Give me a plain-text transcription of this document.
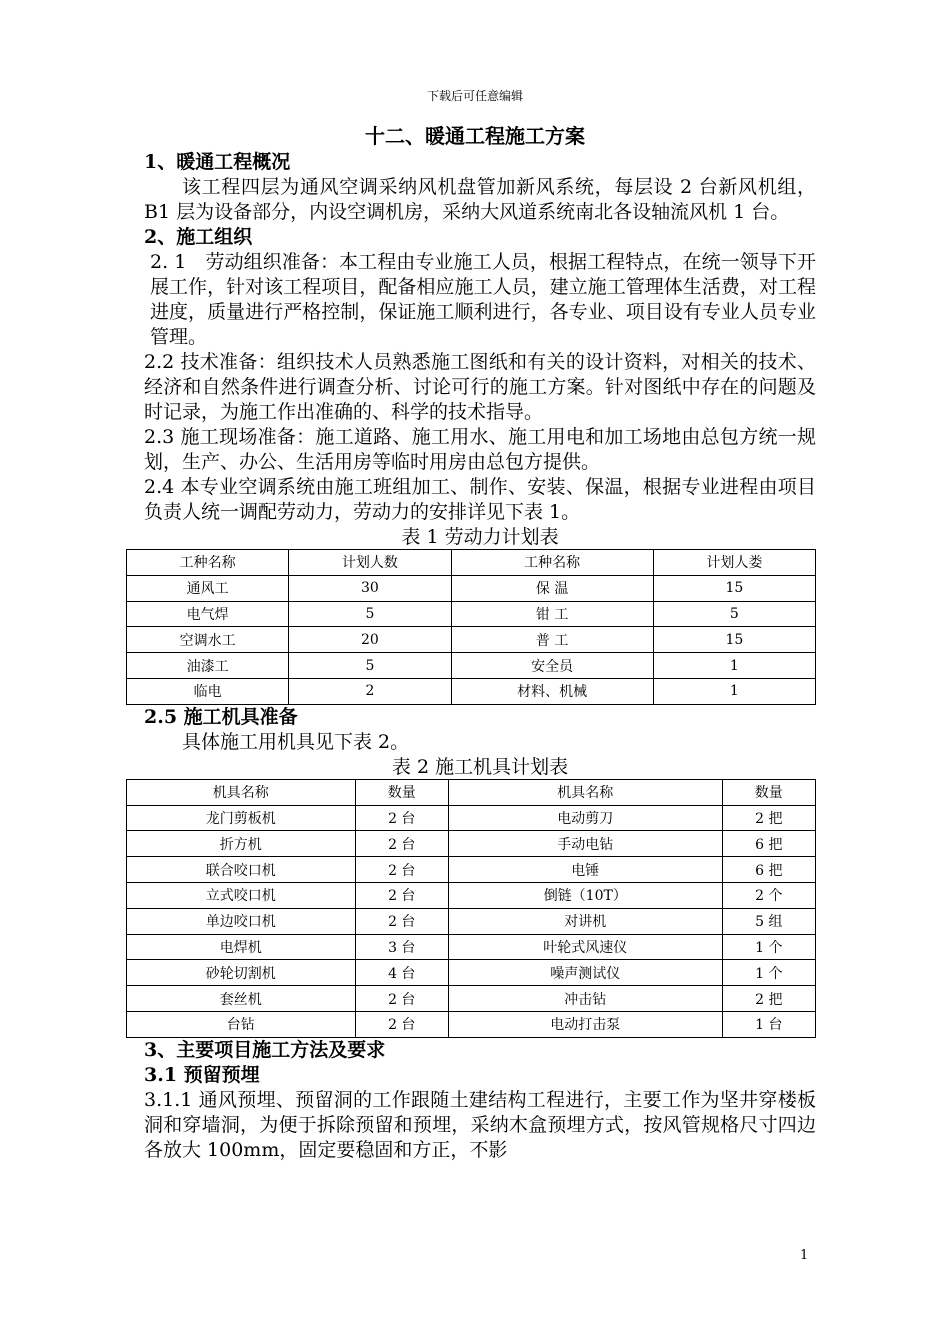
下载后可任意编辑
十二、暖通工程施工方案
1、暖通工程概况
该工程四层为通风空调采纳风机盘管加新风系统，每层设 2 台新风机组，B1 层为设备部分，内设空调机房，采纳大风道系统南北各设轴流风机 1 台。
2、施工组织
2. 1　劳动组织准备：本工程由专业施工人员，根据工程特点，在统一领导下开展工作，针对该工程项目，配备相应施工人员，建立施工管理体生活费，对工程进度，质量进行严格控制，保证施工顺利进行，各专业、项目设有专业人员专业管理。
2.2 技术准备：组织技术人员熟悉施工图纸和有关的设计资料，对相关的技术、经济和自然条件进行调查分析、讨论可行的施工方案。针对图纸中存在的问题及时记录，为施工作出准确的、科学的技术指导。
2.3 施工现场准备：施工道路、施工用水、施工用电和加工场地由总包方统一规划，生产、办公、生活用房等临时用房由总包方提供。
2.4 本专业空调系统由施工班组加工、制作、安装、保温，根据专业进程由项目负责人统一调配劳动力，劳动力的安排详见下表 1。
表 1 劳动力计划表
工种名称	计划人数	工种名称	计划人娄
通风工	30	保 温	15
电气焊	5	钳 工	5
空调水工	20	普 工	15
油漆工	5	安全员	1
临电	2	材料、机械	1
2.5 施工机具准备
具体施工用机具见下表 2。
表 2 施工机具计划表
机具名称	数量	机具名称	数量
龙门剪板机	2 台	电动剪刀	2 把
折方机	2 台	手动电钻	6 把
联合咬口机	2 台	电锤	6 把
立式咬口机	2 台	倒链（10T）	2 个
单边咬口机	2 台	对讲机	5 组
电焊机	3 台	叶轮式风速仪	1 个
砂轮切割机	4 台	噪声测试仪	1 个
套丝机	2 台	冲击钻	2 把
台钻	2 台	电动打击泵	1 台
3、主要项目施工方法及要求
3.1 预留预埋
3.1.1 通风预埋、预留洞的工作跟随土建结构工程进行，主要工作为坚井穿楼板洞和穿墙洞，为便于拆除预留和预埋，采纳木盒预埋方式，按风管规格尺寸四边各放大 100mm，固定要稳固和方正，不影
1
